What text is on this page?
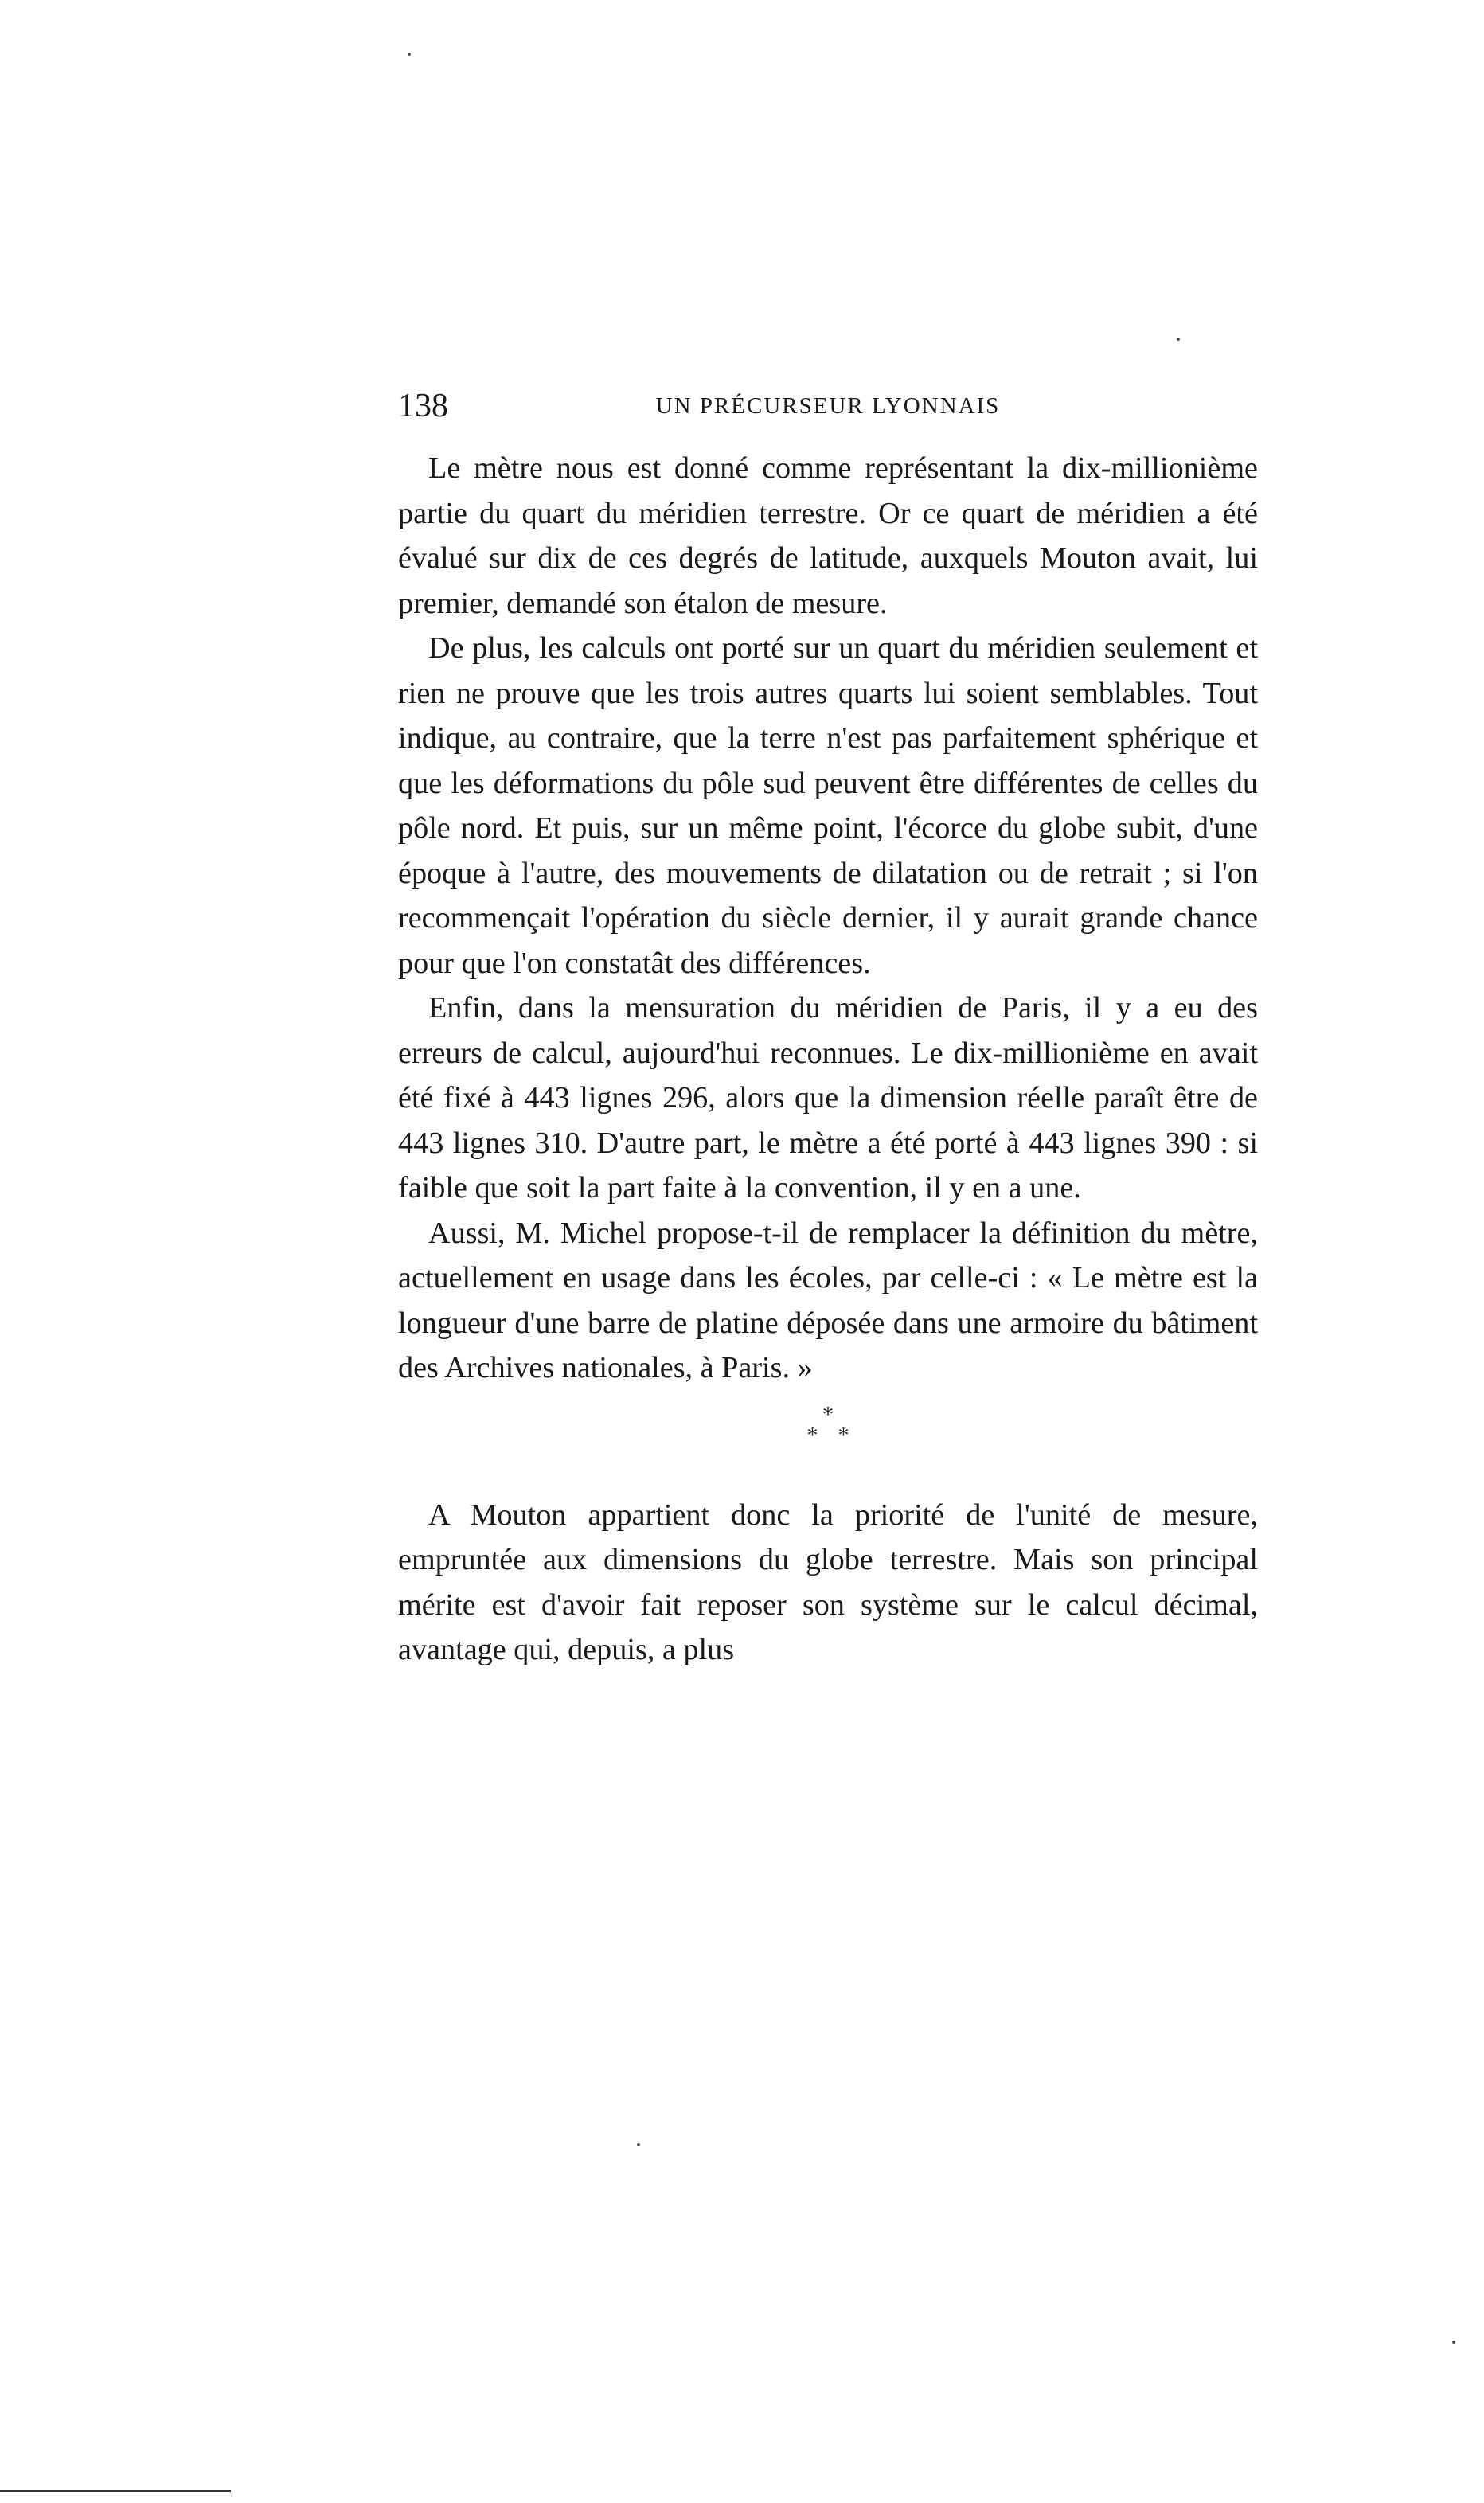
138	UN PRÉCURSEUR LYONNAIS

Le mètre nous est donné comme représentant la dix-millionième partie du quart du méridien terrestre. Or ce quart de méridien a été évalué sur dix de ces degrés de latitude, auxquels Mouton avait, lui premier, demandé son étalon de mesure.

De plus, les calculs ont porté sur un quart du méridien seulement et rien ne prouve que les trois autres quarts lui soient semblables. Tout indique, au contraire, que la terre n'est pas parfaitement sphérique et que les déformations du pôle sud peuvent être différentes de celles du pôle nord. Et puis, sur un même point, l'écorce du globe subit, d'une époque à l'autre, des mouvements de dilatation ou de retrait ; si l'on recommençait l'opération du siècle dernier, il y aurait grande chance pour que l'on constatât des différences.

Enfin, dans la mensuration du méridien de Paris, il y a eu des erreurs de calcul, aujourd'hui reconnues. Le dix-millionième en avait été fixé à 443 lignes 296, alors que la dimension réelle paraît être de 443 lignes 310. D'autre part, le mètre a été porté à 443 lignes 390 : si faible que soit la part faite à la convention, il y en a une.

Aussi, M. Michel propose-t-il de remplacer la définition du mètre, actuellement en usage dans les écoles, par celle-ci : « Le mètre est la longueur d'une barre de platine déposée dans une armoire du bâtiment des Archives nationales, à Paris. »

*
* *

A Mouton appartient donc la priorité de l'unité de mesure, empruntée aux dimensions du globe terrestre. Mais son principal mérite est d'avoir fait reposer son système sur le calcul décimal, avantage qui, depuis, a plus
